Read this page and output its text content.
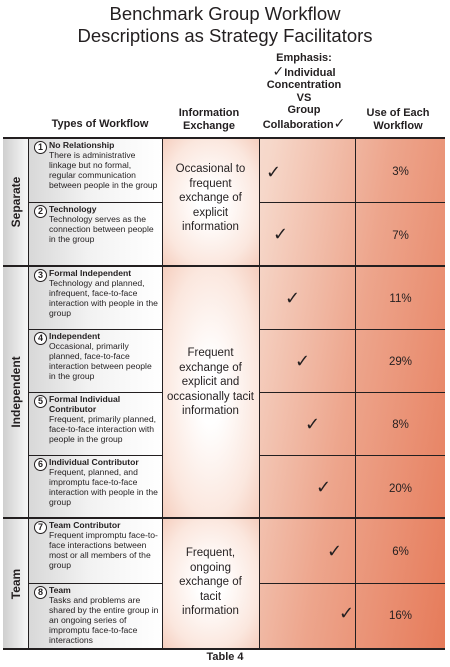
Benchmark Group Workflow
Descriptions as Strategy Facilitators
Types of Workflow
Information
Exchange
Emphasis:
✓Individual
Concentration
VS
Group
Collaboration✓
Use of Each
Workflow
Occasional to frequent exchange of explicit information
Frequent exchange of explicit and occasionally tacit information
Frequent, ongoing exchange of tacit information
Separate
Independent
Team
1 No Relationship
There is administrative linkage but no formal, regular communication between people in the group
2 Technology
Technology serves as the connection between people in the group
3 Formal Independent
Technology and planned, infrequent, face-to-face interaction with people in the group
4 Independent
Occasional, primarily planned, face-to-face interaction between people in the group
5 Formal Individual Contributor
Frequent, primarily planned, face-to-face interaction with people in the group
6 Individual Contributor
Frequent, planned, and impromptu face-to-face interaction with people in the group
7 Team Contributor
Frequent impromptu face-to-face interactions between most or all members of the group
8 Team
Tasks and problems are shared by the entire group in an ongoing series of impromptu face-to-face interactions
✓
✓
✓
✓
✓
✓
✓
✓
3%
7%
11%
29%
8%
20%
6%
16%
Table 4
